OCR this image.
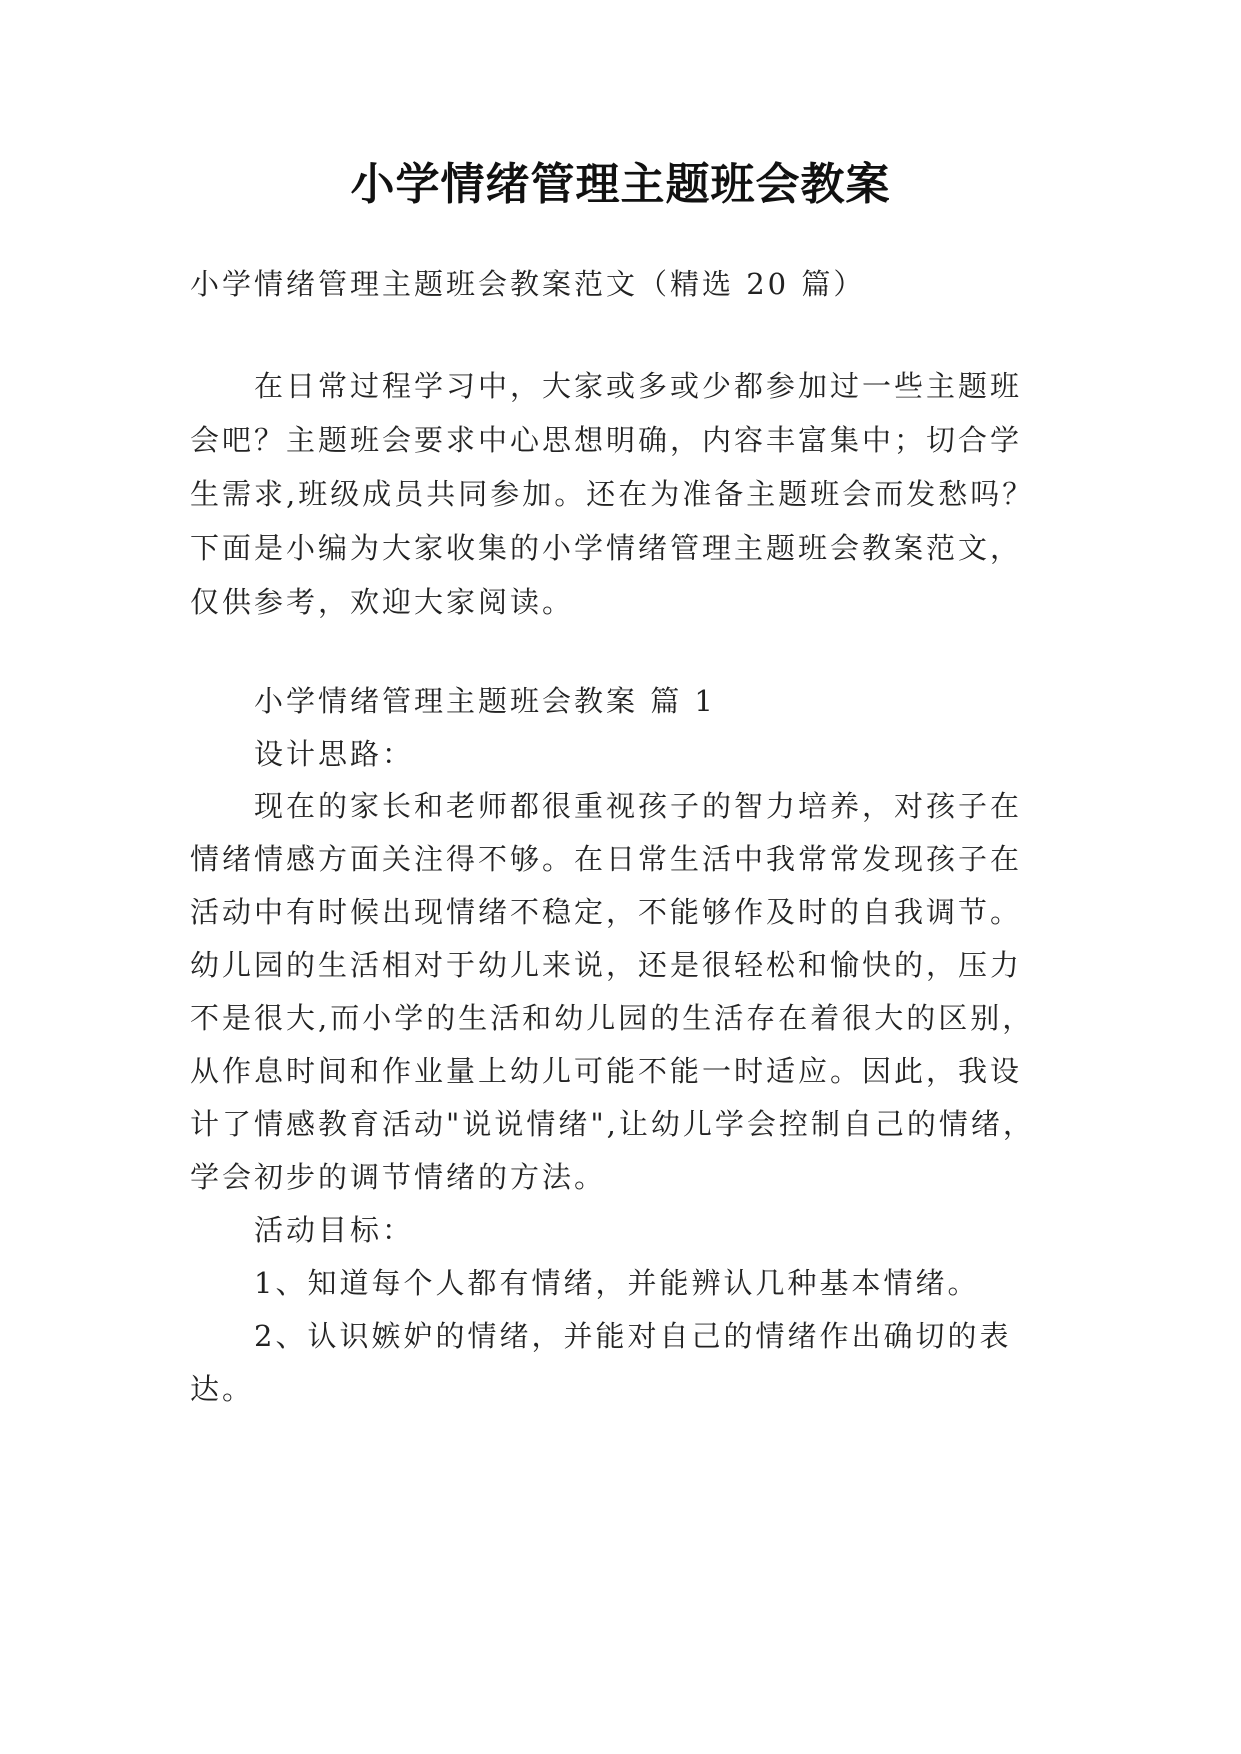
小学情绪管理主题班会教案
小学情绪管理主题班会教案范文（精选 20 篇）
在日常过程学习中，大家或多或少都参加过一些主题班
会吧？主题班会要求中心思想明确，内容丰富集中；切合学
生需求,班级成员共同参加。还在为准备主题班会而发愁吗？
下面是小编为大家收集的小学情绪管理主题班会教案范文，
仅供参考，欢迎大家阅读。
小学情绪管理主题班会教案 篇 1
设计思路：
现在的家长和老师都很重视孩子的智力培养，对孩子在
情绪情感方面关注得不够。在日常生活中我常常发现孩子在
活动中有时候出现情绪不稳定，不能够作及时的自我调节。
幼儿园的生活相对于幼儿来说，还是很轻松和愉快的，压力
不是很大,而小学的生活和幼儿园的生活存在着很大的区别，
从作息时间和作业量上幼儿可能不能一时适应。因此，我设
计了情感教育活动"说说情绪",让幼儿学会控制自己的情绪，
学会初步的调节情绪的方法。
活动目标：
1、知道每个人都有情绪，并能辨认几种基本情绪。
2、认识嫉妒的情绪，并能对自己的情绪作出确切的表
达。
